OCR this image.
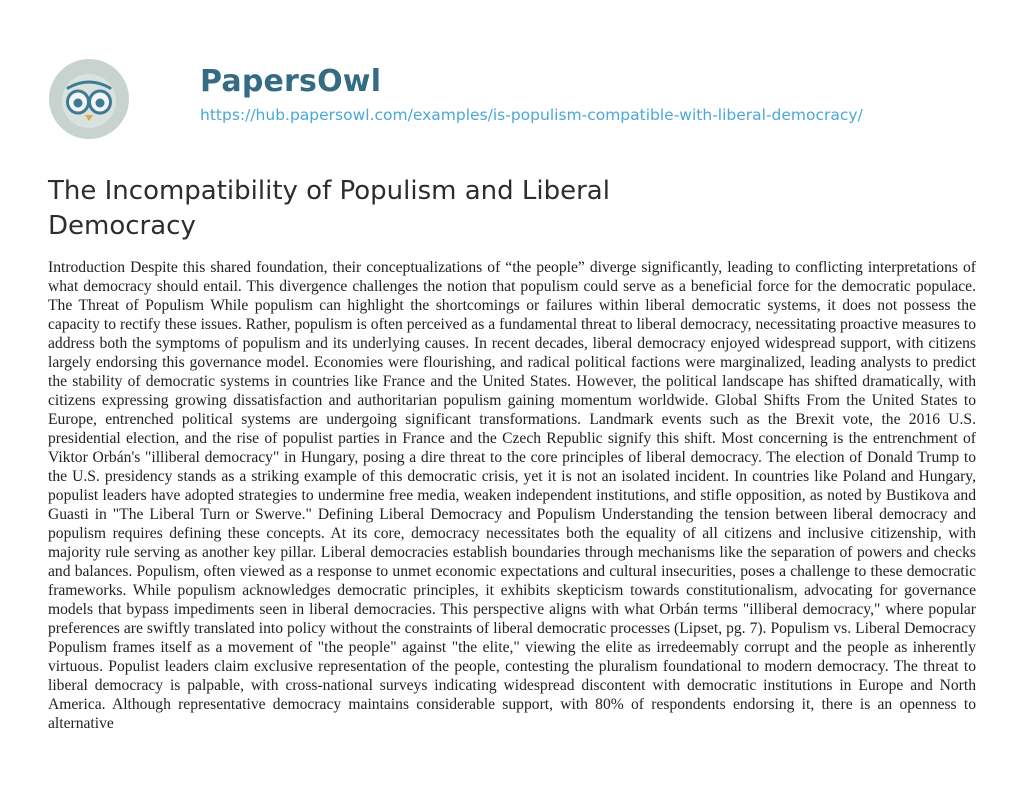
PapersOwl
https://hub.papersowl.com/examples/is-populism-compatible-with-liberal-democracy/
The Incompatibility of Populism and Liberal Democracy

Introduction Despite this shared foundation, their conceptualizations of “the people” diverge significantly, leading to conflicting interpretations of what democracy should entail. This divergence challenges the notion that populism could serve as a beneficial force for the democratic populace. The Threat of Populism While populism can highlight the shortcomings or failures within liberal democratic systems, it does not possess the capacity to rectify these issues. Rather, populism is often perceived as a fundamental threat to liberal democracy, necessitating proactive measures to address both the symptoms of populism and its underlying causes. In recent decades, liberal democracy enjoyed widespread support, with citizens largely endorsing this governance model. Economies were flourishing, and radical political factions were marginalized, leading analysts to predict the stability of democratic systems in countries like France and the United States. However, the political landscape has shifted dramatically, with citizens expressing growing dissatisfaction and authoritarian populism gaining momentum worldwide. Global Shifts From the United States to Europe, entrenched political systems are undergoing significant transformations. Landmark events such as the Brexit vote, the 2016 U.S. presidential election, and the rise of populist parties in France and the Czech Republic signify this shift. Most concerning is the entrenchment of Viktor Orbán's "illiberal democracy" in Hungary, posing a dire threat to the core principles of liberal democracy. The election of Donald Trump to the U.S. presidency stands as a striking example of this democratic crisis, yet it is not an isolated incident. In countries like Poland and Hungary, populist leaders have adopted strategies to undermine free media, weaken independent institutions, and stifle opposition, as noted by Bustikova and Guasti in "The Liberal Turn or Swerve." Defining Liberal Democracy and Populism Understanding the tension between liberal democracy and populism requires defining these concepts. At its core, democracy necessitates both the equality of all citizens and inclusive citizenship, with majority rule serving as another key pillar. Liberal democracies establish boundaries through mechanisms like the separation of powers and checks and balances. Populism, often viewed as a response to unmet economic expectations and cultural insecurities, poses a challenge to these democratic frameworks. While populism acknowledges democratic principles, it exhibits skepticism towards constitutionalism, advocating for governance models that bypass impediments seen in liberal democracies. This perspective aligns with what Orbán terms "illiberal democracy," where popular preferences are swiftly translated into policy without the constraints of liberal democratic processes (Lipset, pg. 7). Populism vs. Liberal Democracy Populism frames itself as a movement of "the people" against "the elite," viewing the elite as irredeemably corrupt and the people as inherently virtuous. Populist leaders claim exclusive representation of the people, contesting the pluralism foundational to modern democracy. The threat to liberal democracy is palpable, with cross-national surveys indicating widespread discontent with democratic institutions in Europe and North America. Although representative democracy maintains considerable support, with 80% of respondents endorsing it, there is an openness to alternative
